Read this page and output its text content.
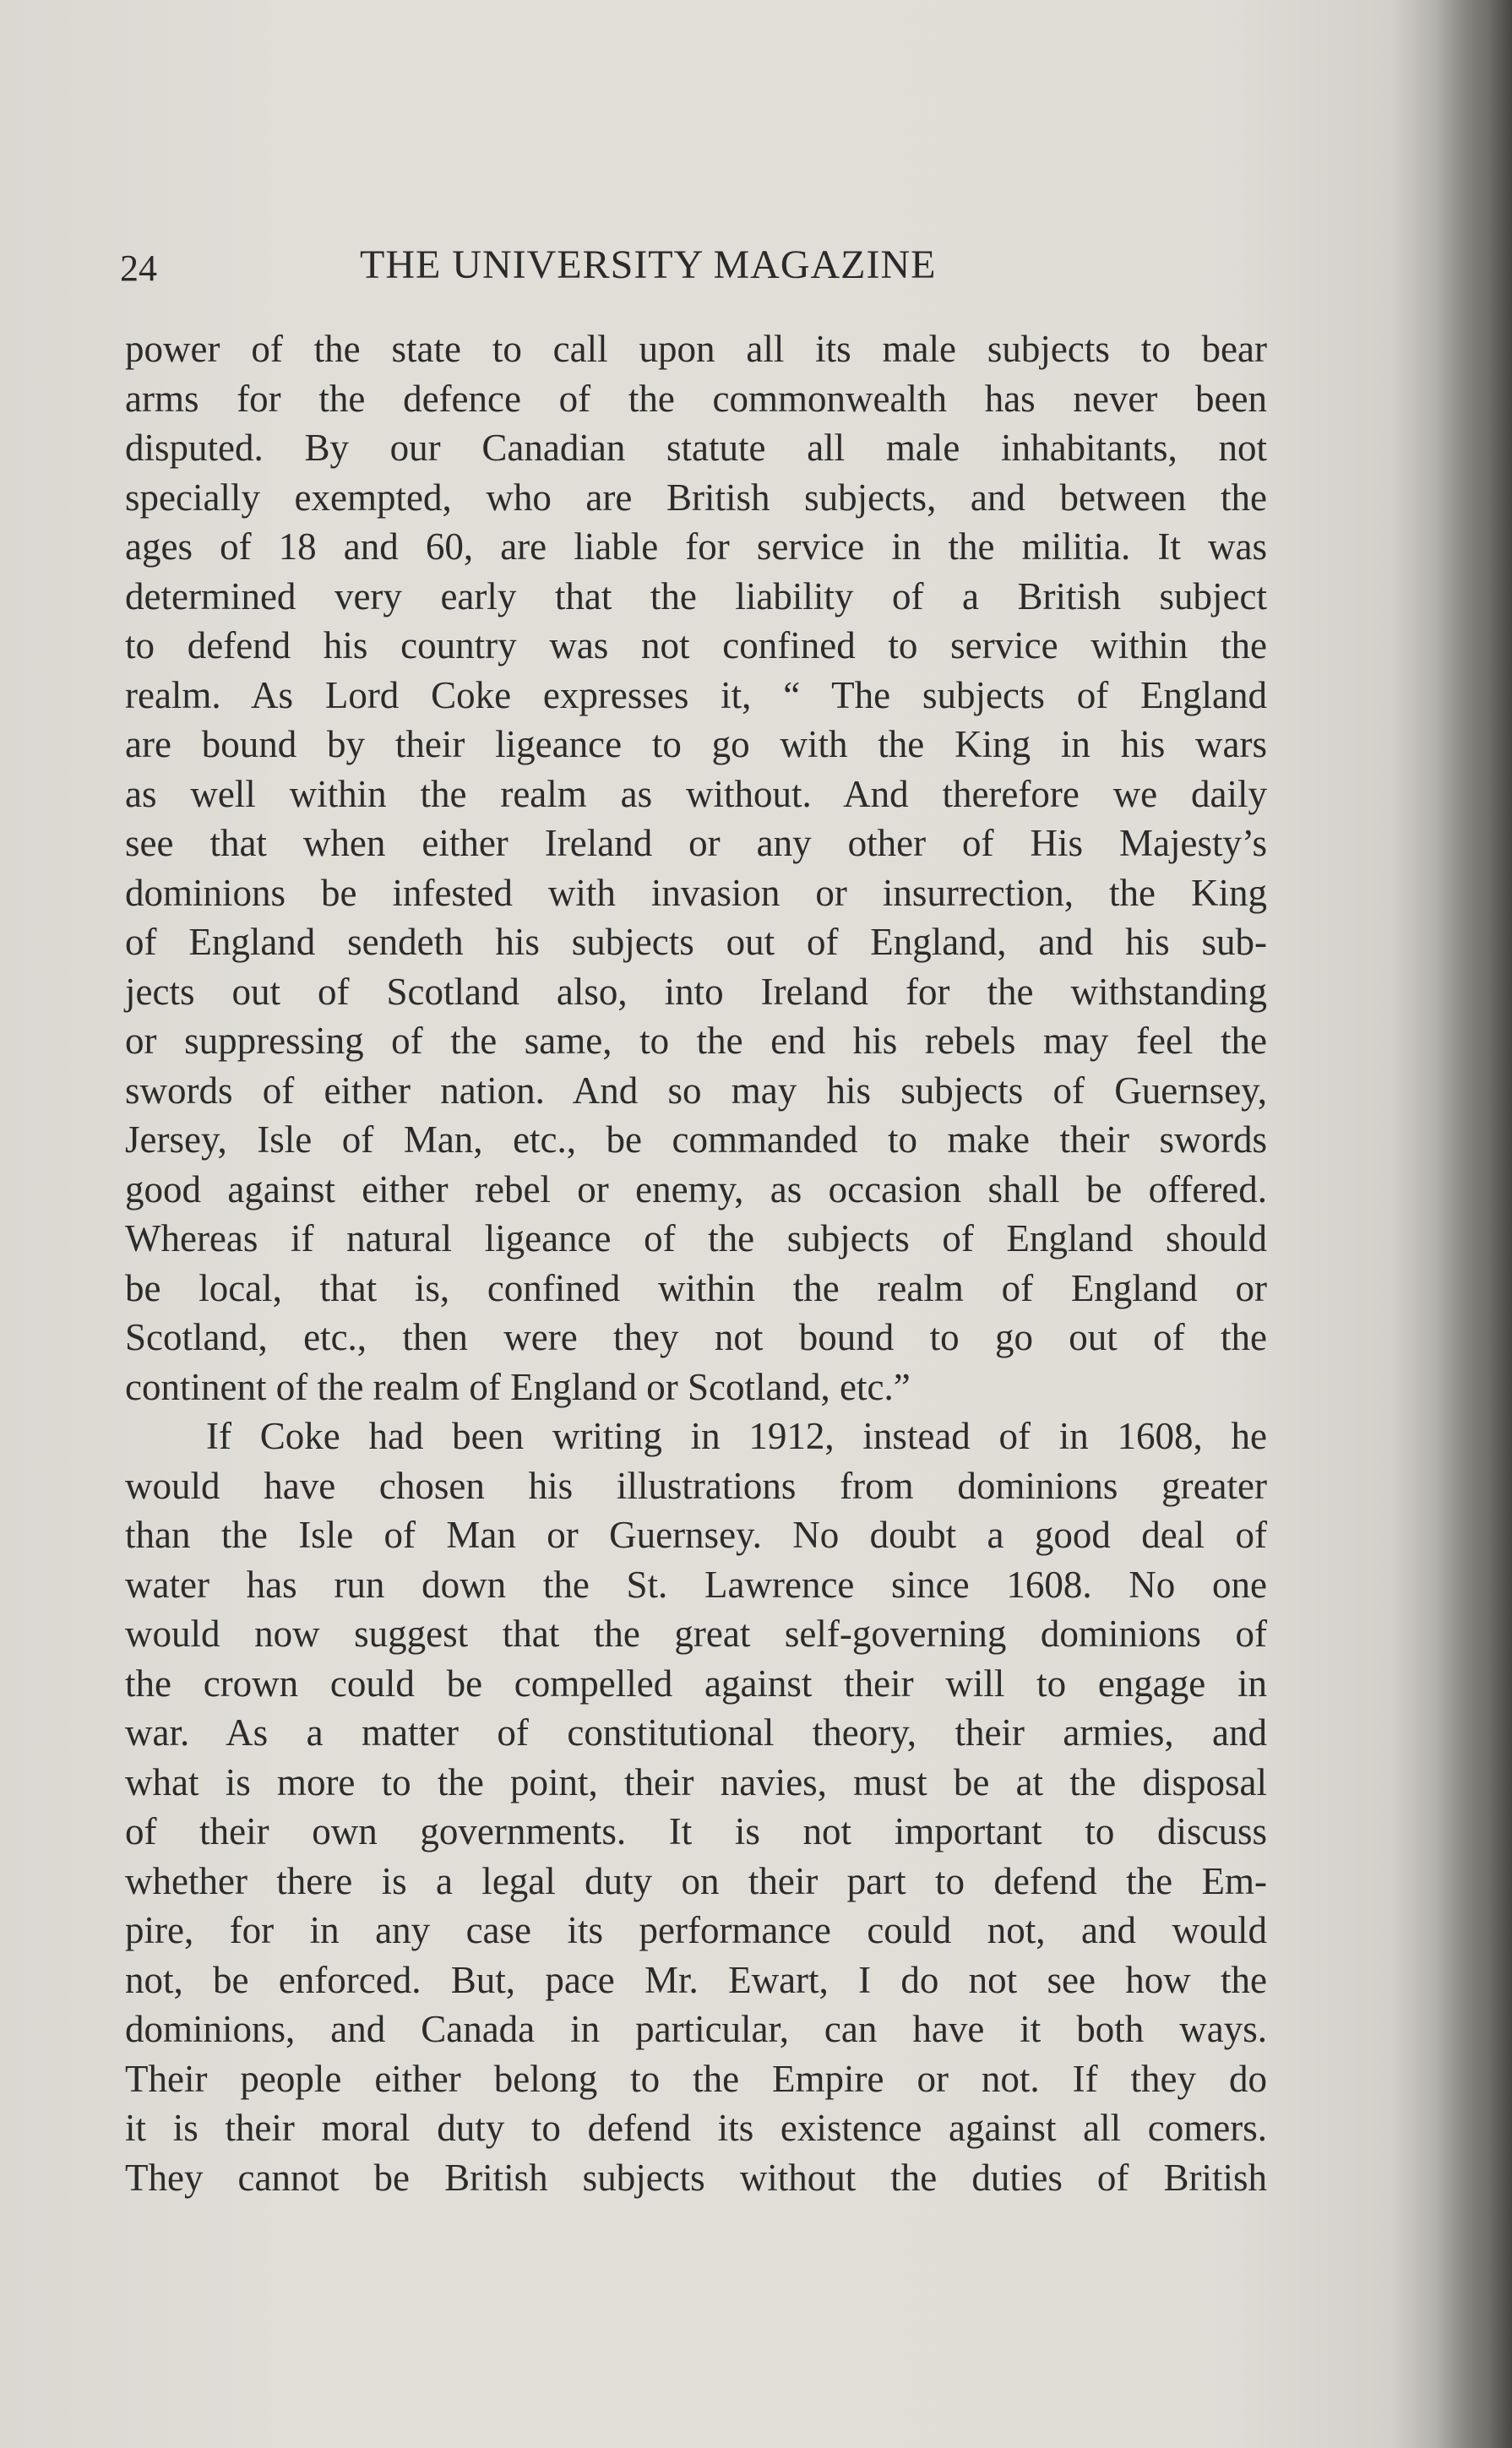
24	THE UNIVERSITY MAGAZINE
power of the state to call upon all its male subjects to bear
arms for the defence of the commonwealth has never been
disputed. By our Canadian statute all male inhabitants, not
specially exempted, who are British subjects, and between the
ages of 18 and 60, are liable for service in the militia. It was
determined very early that the liability of a British subject
to defend his country was not confined to service within the
realm. As Lord Coke expresses it, “ The subjects of England
are bound by their ligeance to go with the King in his wars
as well within the realm as without. And therefore we daily
see that when either Ireland or any other of His Majesty’s
dominions be infested with invasion or insurrection, the King
of England sendeth his subjects out of England, and his sub-
jects out of Scotland also, into Ireland for the withstanding
or suppressing of the same, to the end his rebels may feel the
swords of either nation. And so may his subjects of Guernsey,
Jersey, Isle of Man, etc., be commanded to make their swords
good against either rebel or enemy, as occasion shall be offered.
Whereas if natural ligeance of the subjects of England should
be local, that is, confined within the realm of England or
Scotland, etc., then were they not bound to go out of the
continent of the realm of England or Scotland, etc.”
If Coke had been writing in 1912, instead of in 1608, he
would have chosen his illustrations from dominions greater
than the Isle of Man or Guernsey. No doubt a good deal of
water has run down the St. Lawrence since 1608. No one
would now suggest that the great self-governing dominions of
the crown could be compelled against their will to engage in
war. As a matter of constitutional theory, their armies, and
what is more to the point, their navies, must be at the disposal
of their own governments. It is not important to discuss
whether there is a legal duty on their part to defend the Em-
pire, for in any case its performance could not, and would
not, be enforced. But, pace Mr. Ewart, I do not see how the
dominions, and Canada in particular, can have it both ways.
Their people either belong to the Empire or not. If they do
it is their moral duty to defend its existence against all comers.
They cannot be British subjects without the duties of British
